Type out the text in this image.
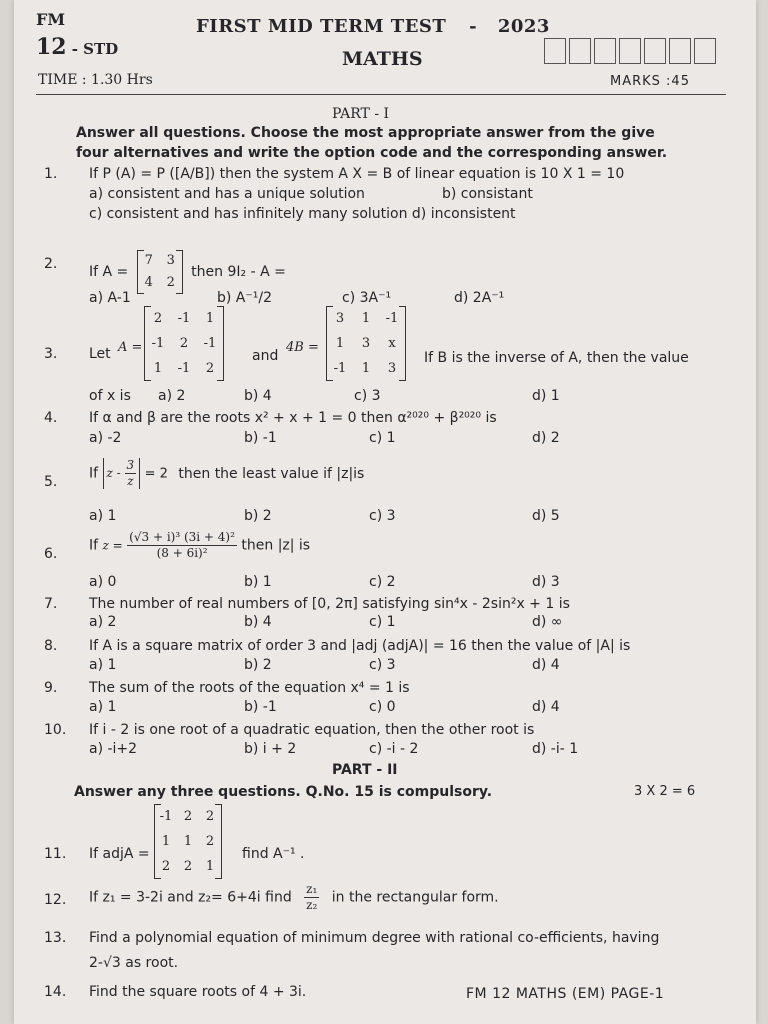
FM
12 - STD
FIRST MID TERM TEST - 2023
MATHS
TIME : 1.30 Hrs	MARKS :45
PART - I
Answer all questions. Choose the most appropriate answer from the give
four alternatives and write the option code and the corresponding answer.
1. If P (A) = P ([A/B]) then the system A X = B of linear equation is 10 X 1 = 10
a) consistent and has a unique solution	b) consistant
c) consistent and has infinitely many solution d) inconsistent
2. If A =
7	3
4	2
then 9I₂ - A =
a) A-1	b) A⁻¹/2	c) 3A⁻¹	d) 2A⁻¹
3. Let A =
2	-1	1
-1	2	-1
1	-1	2
and
4B =
3	1	-1
1	3	x
-1	1	3
If B is the inverse of A, then the value
of x is a) 2	b) 4	c) 3	d) 1
4. If α and β are the roots x² + x + 1 = 0 then α²⁰²⁰ + β²⁰²⁰ is
a) -2	b) -1	c) 1	d) 2
5.
If $z - \frac{3}{z} = 2$ then the least value if |z|is
a) 1	b) 2	c) 3	d) 5
6.
If $z = \frac{\text{(√3 + i)³ (3i + 4)²}}{\text{(8 + 6i)²}}$ then |z| is
a) 0	b) 1	c) 2	d) 3
7. The number of real numbers of [0, 2π] satisfying sin⁴x - 2sin²x + 1 is
a) 2	b) 4	c) 1	d) ∞
8. If A is a square matrix of order 3 and |adj (adjA)| = 16 then the value of |A| is
a) 1	b) 2	c) 3	d) 4
9. The sum of the roots of the equation x⁴ = 1 is
a) 1	b) -1	c) 0	d) 4
10. If i - 2 is one root of a quadratic equation, then the other root is
a) -i+2	b) i + 2	c) -i - 2	d) -i- 1
PART - II
Answer any three questions. Q.No. 15 is compulsory.	3 X 2 = 6
11. If adjA =
-1 2	2
1	1	2
2	2	1
find A⁻¹ .
12. If z₁ = 3-2i and z₂= 6+4i find $\frac{\text{z₁}}{\text{z₂}}$ in the rectangular form.
13. Find a polynomial equation of minimum degree with rational co-efficients, having
2-√3 as root.
14. Find the square roots of 4 + 3i.	FM 12 MATHS (EM) PAGE-1
